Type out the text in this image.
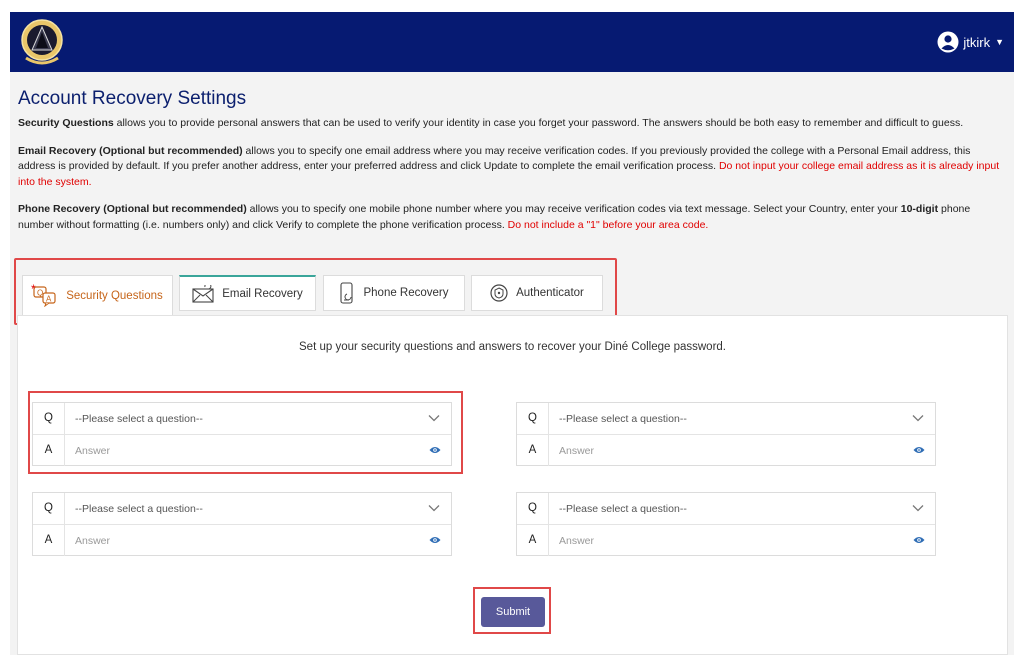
jtkirk ▼
Account Recovery Settings

Security Questions allows you to provide personal answers that can be used to verify your identity in case you forget your password. The answers should be both easy to remember and difficult to guess.

Email Recovery (Optional but recommended) allows you to specify one email address where you may receive verification codes. If you previously provided the college with a Personal Email address, this address is provided by default. If you prefer another address, enter your preferred address and click Update to complete the email verification process. Do not input your college email address as it is already input into the system.

Phone Recovery (Optional but recommended) allows you to specify one mobile phone number where you may receive verification codes via text message. Select your Country, enter your 10-digit phone number without formatting (i.e. numbers only) and click Verify to complete the phone verification process. Do not include a "1" before your area code.

* Q
A Security Questions	Email Recovery	Phone Recovery	Authenticator
Set up your security questions and answers to recover your Diné College password.
Q	--Please select a question--
A	Answer
Q	--Please select a question--
A	Answer
Q	--Please select a question--
A	Answer
Q	--Please select a question--
A	Answer
Submit
